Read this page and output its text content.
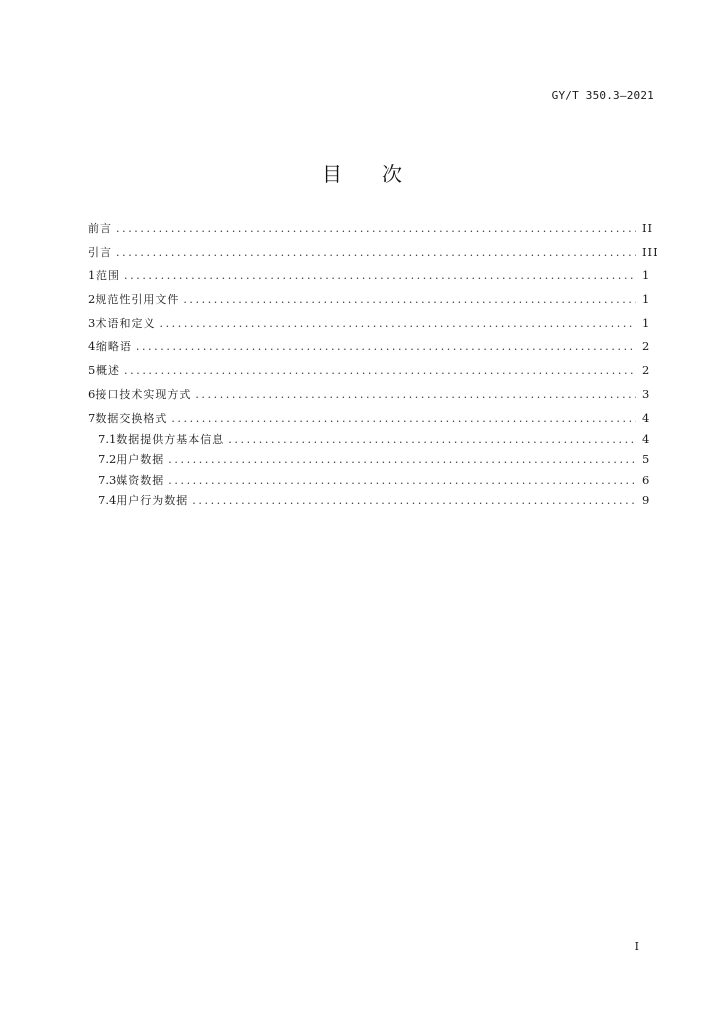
GY/T 350.3—2021
目 次
前言 .....	II
引言 .....	III
1 范围 .....	1
2 规范性引用文件 .....	1
3 术语和定义 .....	1
4 缩略语 .....	2
5 概述 .....	2
6 接口技术实现方式 .....	3
7 数据交换格式 .....	4
7.1 数据提供方基本信息 .....	4
7.2 用户数据 .....	5
7.3 媒资数据 .....	6
7.4 用户行为数据 .....	9
I
